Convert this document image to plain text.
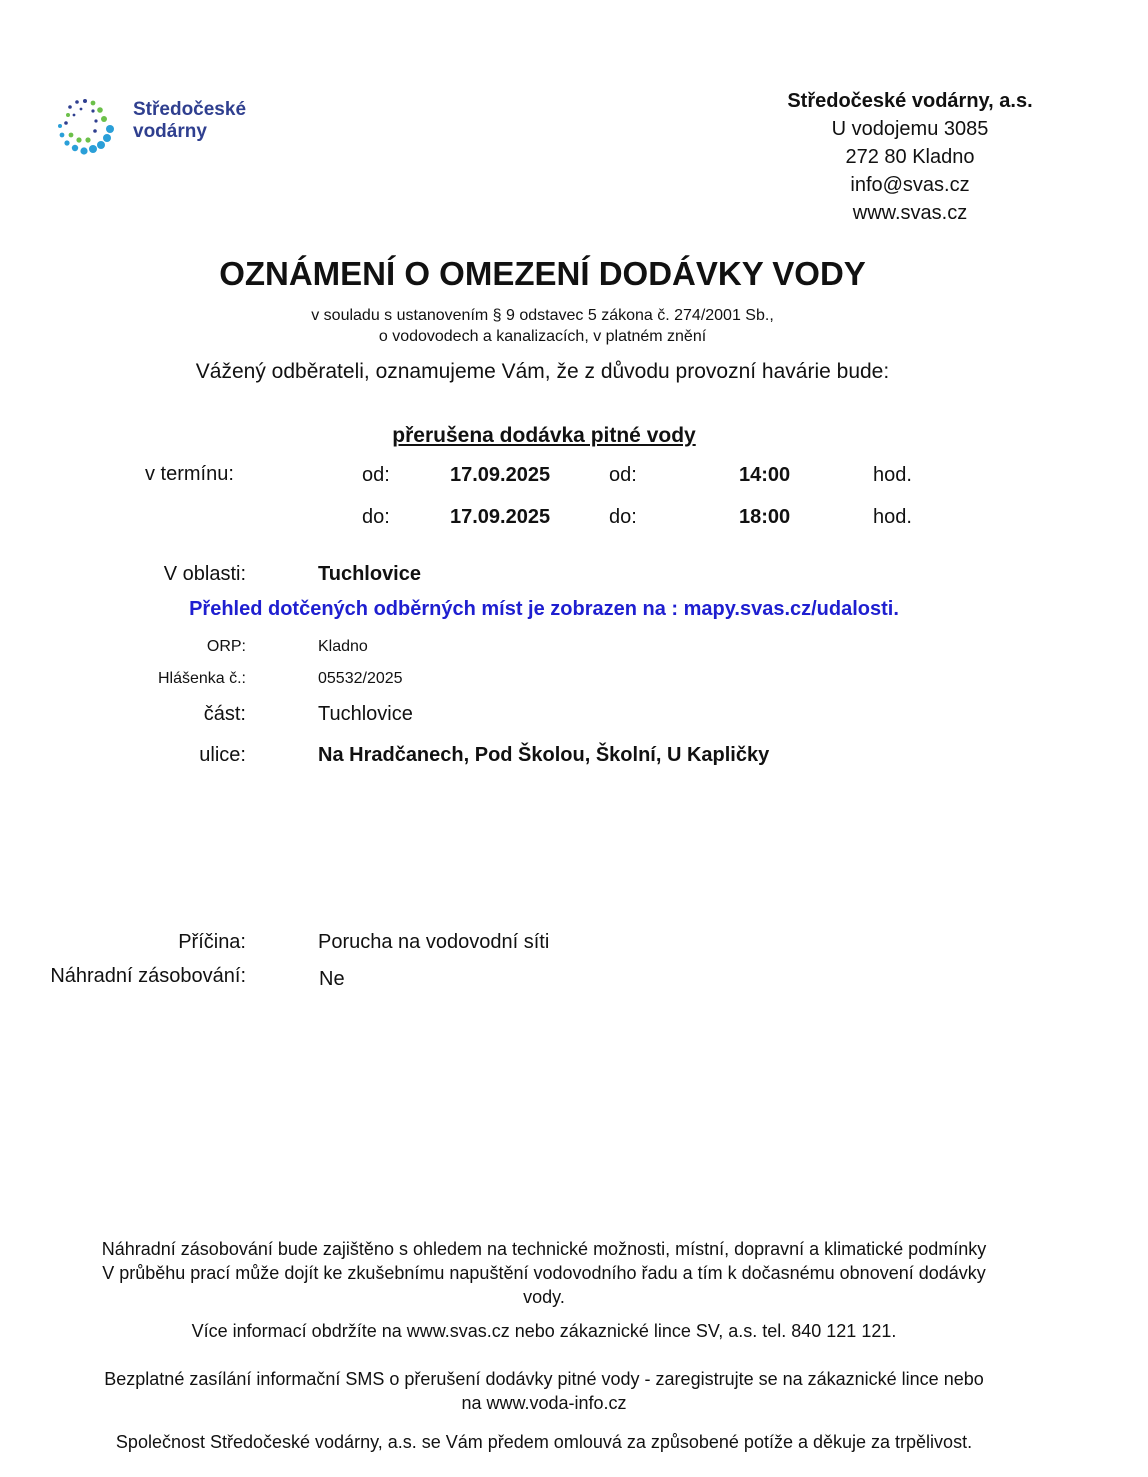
Středočeské
vodárny
Středočeské vodárny, a.s.
U vodojemu 3085
272 80 Kladno
info@svas.cz
www.svas.cz
OZNÁMENÍ O OMEZENÍ DODÁVKY VODY
v souladu s ustanovením § 9 odstavec 5 zákona č. 274/2001 Sb.,
o vodovodech a kanalizacích, v platném znění
Vážený odběrateli, oznamujeme Vám, že z důvodu provozní havárie bude:
přerušena dodávka pitné vody
v termínu:	od:	17.09.2025	od:	14:00	hod.
do:	17.09.2025	do:	18:00	hod.
V oblasti:	Tuchlovice
Přehled dotčených odběrných míst je zobrazen na : mapy.svas.cz/udalosti.
ORP:	Kladno
Hlášenka č.:	05532/2025
část:	Tuchlovice
ulice:	Na Hradčanech, Pod Školou, Školní, U Kapličky
Příčina:	Porucha na vodovodní síti
Náhradní zásobování:	Ne
Náhradní zásobování bude zajištěno s ohledem na technické možnosti, místní, dopravní a klimatické podmínky
V průběhu prací může dojít ke zkušebnímu napuštění vodovodního řadu a tím k dočasnému obnovení dodávky
vody.
Více informací obdržíte na www.svas.cz nebo zákaznické lince SV, a.s. tel. 840 121 121.
Bezplatné zasílání informační SMS o přerušení dodávky pitné vody - zaregistrujte se na zákaznické lince nebo
na www.voda-info.cz
Společnost Středočeské vodárny, a.s. se Vám předem omlouvá za způsobené potíže a děkuje za trpělivost.
